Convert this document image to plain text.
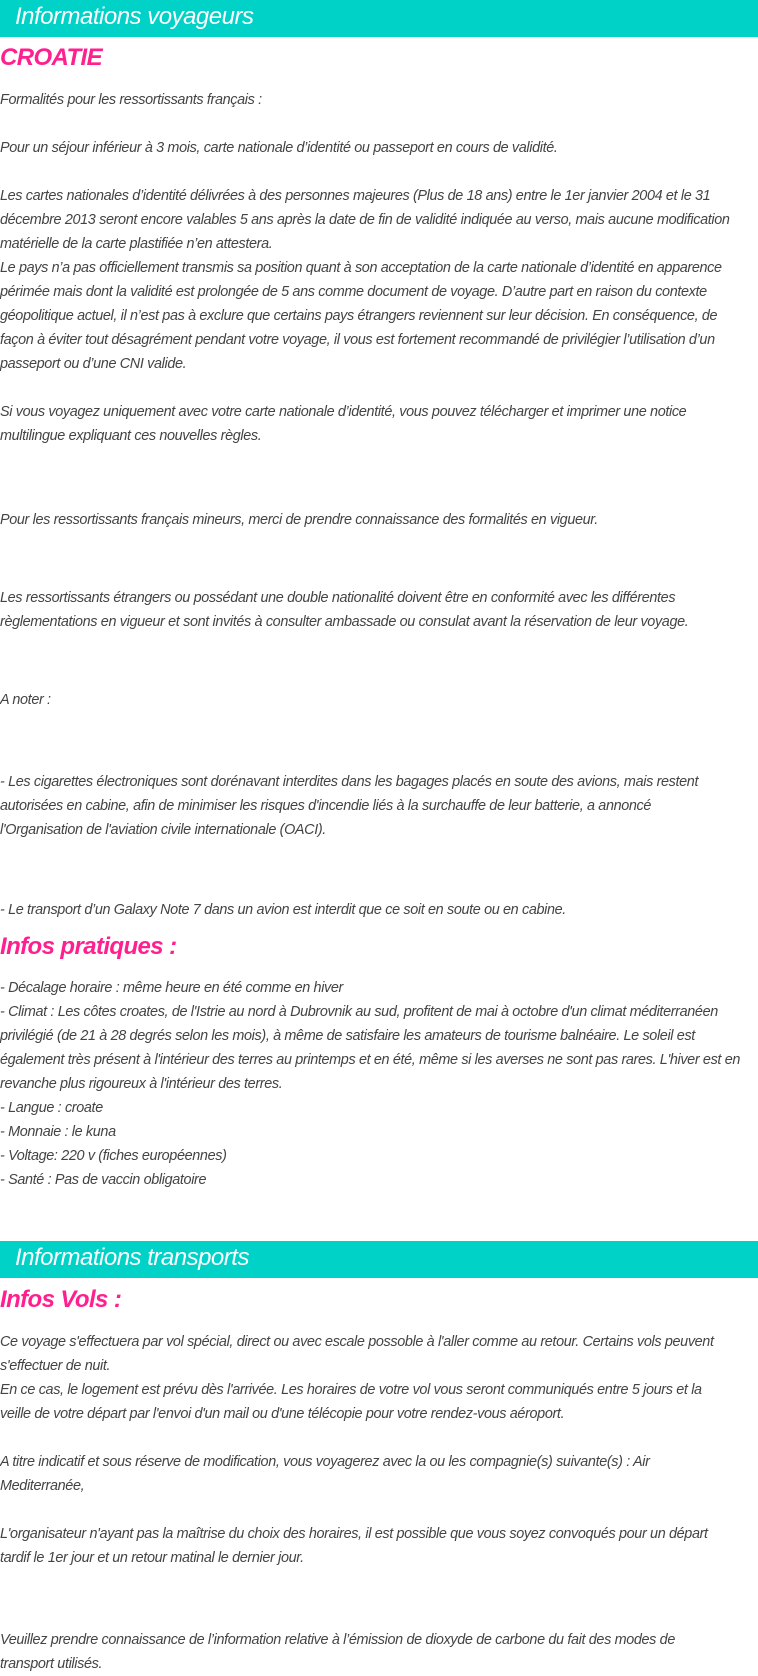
Informations voyageurs
CROATIE

Formalités pour les ressortissants français :

Pour un séjour inférieur à 3 mois, carte nationale d’identité ou passeport en cours de validité.

Les cartes nationales d’identité délivrées à des personnes majeures (Plus de 18 ans) entre le 1er janvier 2004 et le 31
décembre 2013 seront encore valables 5 ans après la date de fin de validité indiquée au verso, mais aucune modification
matérielle de la carte plastifiée n’en attestera.
Le pays n’a pas officiellement transmis sa position quant à son acceptation de la carte nationale d’identité en apparence
périmée mais dont la validité est prolongée de 5 ans comme document de voyage. D’autre part en raison du contexte
géopolitique actuel, il n’est pas à exclure que certains pays étrangers reviennent sur leur décision. En conséquence, de
façon à éviter tout désagrément pendant votre voyage, il vous est fortement recommandé de privilégier l’utilisation d’un
passeport ou d’une CNI valide.
Si vous voyagez uniquement avec votre carte nationale d’identité, vous pouvez télécharger et imprimer une notice
multilingue expliquant ces nouvelles règles.

Pour les ressortissants français mineurs, merci de prendre connaissance des formalités en vigueur.

Les ressortissants étrangers ou possédant une double nationalité doivent être en conformité avec les différentes
règlementations en vigueur et sont invités à consulter ambassade ou consulat avant la réservation de leur voyage.

A noter :

- Les cigarettes électroniques sont dorénavant interdites dans les bagages placés en soute des avions, mais restent
autorisées en cabine, afin de minimiser les risques d'incendie liés à la surchauffe de leur batterie, a annoncé
l'Organisation de l'aviation civile internationale (OACI).

- Le transport d’un Galaxy Note 7 dans un avion est interdit que ce soit en soute ou en cabine.

Infos pratiques :
- Décalage horaire : même heure en été comme en hiver
- Climat : Les côtes croates, de l'Istrie au nord à Dubrovnik au sud, profitent de mai à octobre d'un climat méditerranéen
privilégié (de 21 à 28 degrés selon les mois), à même de satisfaire les amateurs de tourisme balnéaire. Le soleil est
également très présent à l'intérieur des terres au printemps et en été, même si les averses ne sont pas rares. L'hiver est en
revanche plus rigoureux à l'intérieur des terres.
- Langue : croate
- Monnaie : le kuna
- Voltage: 220 v (fiches européennes)
- Santé : Pas de vaccin obligatoire
Informations transports
Infos Vols :
Ce voyage s'effectuera par vol spécial, direct ou avec escale possoble à l'aller comme au retour. Certains vols peuvent
s'effectuer de nuit.
En ce cas, le logement est prévu dès l'arrivée. Les horaires de votre vol vous seront communiqués entre 5 jours et la
veille de votre départ par l'envoi d'un mail ou d'une télécopie pour votre rendez-vous aéroport.
A titre indicatif et sous réserve de modification, vous voyagerez avec la ou les compagnie(s) suivante(s) : Air
Mediterranée,
L'organisateur n'ayant pas la maîtrise du choix des horaires, il est possible que vous soyez convoqués pour un départ
tardif le 1er jour et un retour matinal le dernier jour.
Veuillez prendre connaissance de l’information relative à l’émission de dioxyde de carbone du fait des modes de
transport utilisés.
